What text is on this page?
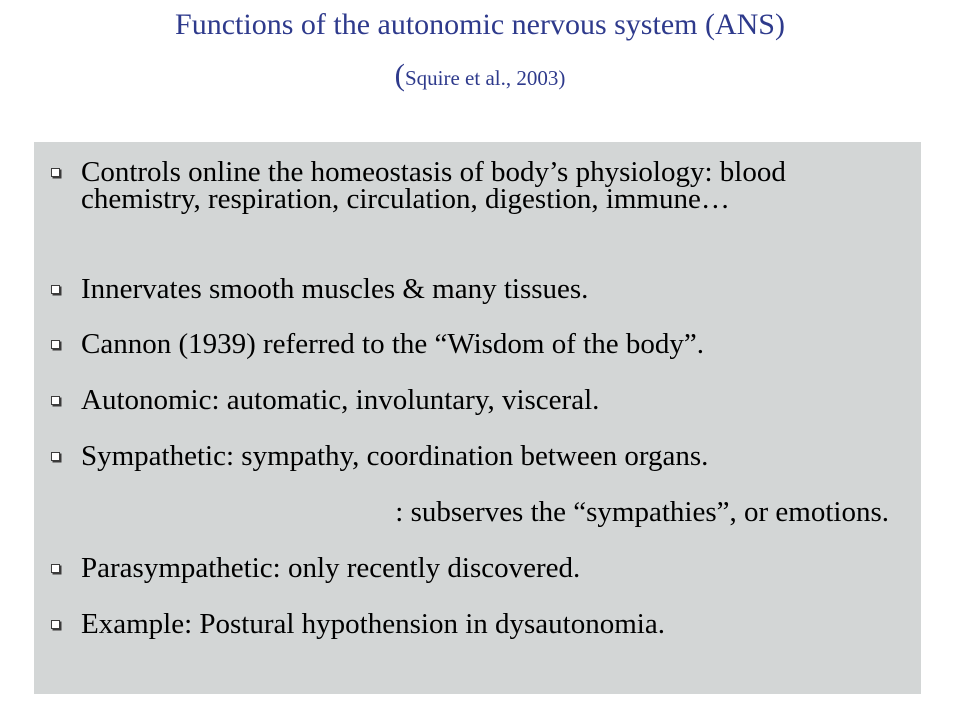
Functions of the autonomic nervous system (ANS)
(Squire et al., 2003)
Controls online the homeostasis of body’s physiology: blood chemistry, respiration, circulation, digestion, immune…
Innervates smooth muscles & many tissues.
Cannon (1939) referred to the “Wisdom of the body”.
Autonomic: automatic, involuntary, visceral.
Sympathetic: sympathy, coordination between organs.
: subserves the “sympathies”, or emotions.
Parasympathetic: only recently discovered.
Example: Postural hypothension in dysautonomia.
